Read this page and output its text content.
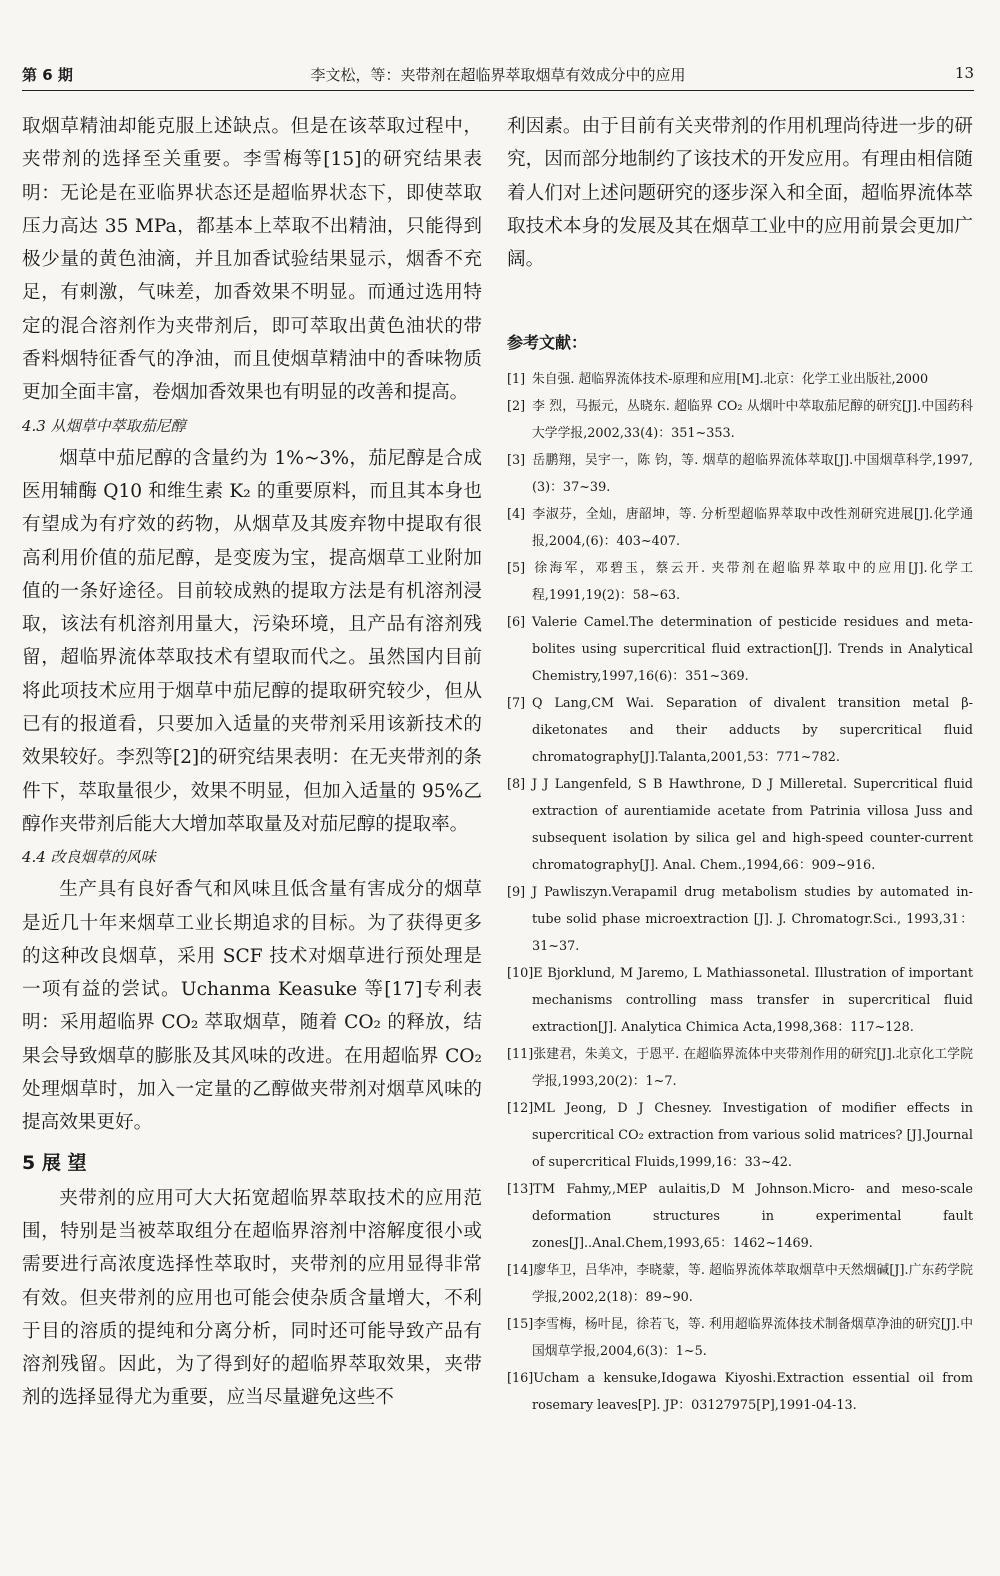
第 6 期	李文松，等：夹带剂在超临界萃取烟草有效成分中的应用	13

取烟草精油却能克服上述缺点。但是在该萃取过程中，夹带剂的选择至关重要。李雪梅等[15]的研究结果表明：无论是在亚临界状态还是超临界状态下，即使萃取压力高达 35 MPa，都基本上萃取不出精油，只能得到极少量的黄色油滴，并且加香试验结果显示，烟香不充足，有刺激，气味差，加香效果不明显。而通过选用特定的混合溶剂作为夹带剂后，即可萃取出黄色油状的带香料烟特征香气的净油，而且使烟草精油中的香味物质更加全面丰富，卷烟加香效果也有明显的改善和提高。

4.3 从烟草中萃取茄尼醇

烟草中茄尼醇的含量约为 1%~3%，茄尼醇是合成医用辅酶 Q10 和维生素 K₂ 的重要原料，而且其本身也有望成为有疗效的药物，从烟草及其废弃物中提取有很高利用价值的茄尼醇，是变废为宝，提高烟草工业附加值的一条好途径。目前较成熟的提取方法是有机溶剂浸取，该法有机溶剂用量大，污染环境，且产品有溶剂残留，超临界流体萃取技术有望取而代之。虽然国内目前将此项技术应用于烟草中茄尼醇的提取研究较少，但从已有的报道看，只要加入适量的夹带剂采用该新技术的效果较好。李烈等[2]的研究结果表明：在无夹带剂的条件下，萃取量很少，效果不明显，但加入适量的 95%乙醇作夹带剂后能大大增加萃取量及对茄尼醇的提取率。

4.4 改良烟草的风味

生产具有良好香气和风味且低含量有害成分的烟草是近几十年来烟草工业长期追求的目标。为了获得更多的这种改良烟草，采用 SCF 技术对烟草进行预处理是一项有益的尝试。Uchanma Keasuke 等[17]专利表明：采用超临界 CO₂ 萃取烟草，随着 CO₂ 的释放，结果会导致烟草的膨胀及其风味的改进。在用超临界 CO₂ 处理烟草时，加入一定量的乙醇做夹带剂对烟草风味的提高效果更好。

5 展 望

夹带剂的应用可大大拓宽超临界萃取技术的应用范围，特别是当被萃取组分在超临界溶剂中溶解度很小或需要进行高浓度选择性萃取时，夹带剂的应用显得非常有效。但夹带剂的应用也可能会使杂质含量增大，不利于目的溶质的提纯和分离分析，同时还可能导致产品有溶剂残留。因此，为了得到好的超临界萃取效果，夹带剂的选择显得尤为重要，应当尽量避免这些不

利因素。由于目前有关夹带剂的作用机理尚待进一步的研究，因而部分地制约了该技术的开发应用。有理由相信随着人们对上述问题研究的逐步深入和全面，超临界流体萃取技术本身的发展及其在烟草工业中的应用前景会更加广阔。

参考文献：

[1] 朱自强. 超临界流体技术-原理和应用[M].北京：化学工业出版社,2000
[2] 李 烈，马振元，丛晓东. 超临界 CO₂ 从烟叶中萃取茄尼醇的研究[J].中国药科大学学报,2002,33(4)：351~353.
[3] 岳鹏翔，吴宇一，陈 钧，等. 烟草的超临界流体萃取[J].中国烟草科学,1997,(3)：37~39.
[4] 李淑芬，全灿，唐韶坤，等. 分析型超临界萃取中改性剂研究进展[J].化学通报,2004,(6)：403~407.
[5] 徐海军，邓碧玉，蔡云开. 夹带剂在超临界萃取中的应用[J].化学工程,1991,19(2)：58~63.
[6] Valerie Camel.The determination of pesticide residues and meta-bolites using supercritical fluid extraction[J]. Trends in Analytical Chemistry,1997,16(6)：351~369.
[7] Q Lang,CM Wai. Separation of divalent transition metal β-diketonates and their adducts by supercritical fluid chromatography[J].Talanta,2001,53：771~782.
[8] J J Langenfeld, S B Hawthrone, D J Milleretal. Supercritical fluid extraction of aurentiamide acetate from Patrinia villosa Juss and subsequent isolation by silica gel and high-speed counter-current chromatography[J]. Anal. Chem.,1994,66：909~916.
[9] J Pawliszyn.Verapamil drug metabolism studies by automated in-tube solid phase microextraction [J]. J. Chromatogr.Sci., 1993,31：31~37.
[10]E Bjorklund, M Jaremo, L Mathiassonetal. Illustration of important mechanisms controlling mass transfer in supercritical fluid extraction[J]. Analytica Chimica Acta,1998,368：117~128.
[11]张建君，朱美文，于恩平. 在超临界流体中夹带剂作用的研究[J].北京化工学院学报,1993,20(2)：1~7.
[12]ML Jeong, D J Chesney. Investigation of modifier effects in supercritical CO₂ extraction from various solid matrices? [J].Journal of supercritical Fluids,1999,16：33~42.
[13]TM Fahmy,,MEP aulaitis,D M Johnson.Micro- and meso-scale deformation structures in experimental fault zones[J]..Anal.Chem,1993,65：1462~1469.
[14]廖华卫，吕华冲，李晓蒙，等. 超临界流体萃取烟草中天然烟碱[J].广东药学院学报,2002,2(18)：89~90.
[15]李雪梅，杨叶昆，徐若飞，等. 利用超临界流体技术制备烟草净油的研究[J].中国烟草学报,2004,6(3)：1~5.
[16]Ucham a kensuke,Idogawa Kiyoshi.Extraction essential oil from rosemary leaves[P]. JP：03127975[P],1991-04-13.
